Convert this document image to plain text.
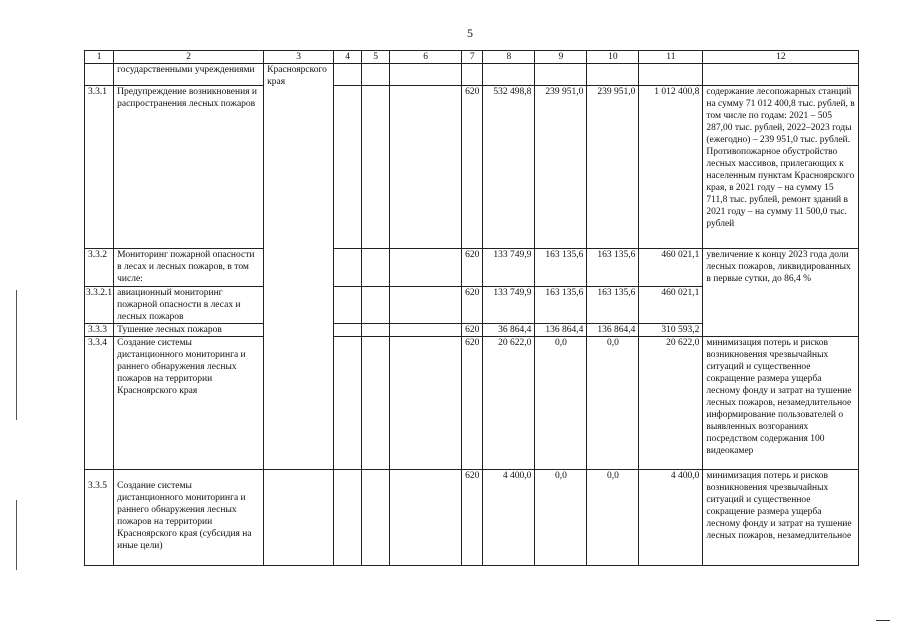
5
1	2	3	4	5	6	7	8	9	10	11	12
	государственными учреждениями	Красноярского края									
3.3.1	Предупреждение возникновения и распространения лесных пожаров					620	532 498,8	239 951,0	239 951,0	1 012 400,8	содержание лесопожарных станций на сумму 71 012 400,8 тыс. рублей, в том числе по годам: 2021 – 505 287,00 тыс. рублей, 2022–2023 годы (ежегодно) – 239 951,0 тыс. рублей. Противопожарное обустройство лесных массивов, прилегающих к населенным пунктам Красноярского края, в 2021 году – на сумму 15 711,8 тыс. рублей, ремонт зданий в 2021 году – на сумму 11 500,0 тыс. рублей
3.3.2	Мониторинг пожарной опасности в лесах и лесных пожаров, в том числе:					620	133 749,9	163 135,6	163 135,6	460 021,1	увеличение к концу 2023 года доли лесных пожаров, ликвидированных в первые сутки, до 86,4 %
3.3.2.1	авиационный мониторинг пожарной опасности в лесах и лесных пожаров					620	133 749,9	163 135,6	163 135,6	460 021,1	
3.3.3	Тушение лесных пожаров					620	36 864,4	136 864,4	136 864,4	310 593,2	
3.3.4	Создание системы дистанционного мониторинга и раннего обнаружения лесных пожаров на территории Красноярского края					620	20 622,0	0,0	0,0	20 622,0	минимизация потерь и рисков возникновения чрезвычайных ситуаций и существенное сокращение размера ущерба лесному фонду и затрат на тушение лесных пожаров, незамедлительное информирование пользователей о выявленных возгораниях посредством содержания 100 видеокамер
3.3.5	Создание системы дистанционного мониторинга и раннего обнаружения лесных пожаров на территории Красноярского края (субсидия на иные цели)					620	4 400,0	0,0	0,0	4 400,0	минимизация потерь и рисков возникновения чрезвычайных ситуаций и существенное сокращение размера ущерба лесному фонду и затрат на тушение лесных пожаров, незамедлительное
